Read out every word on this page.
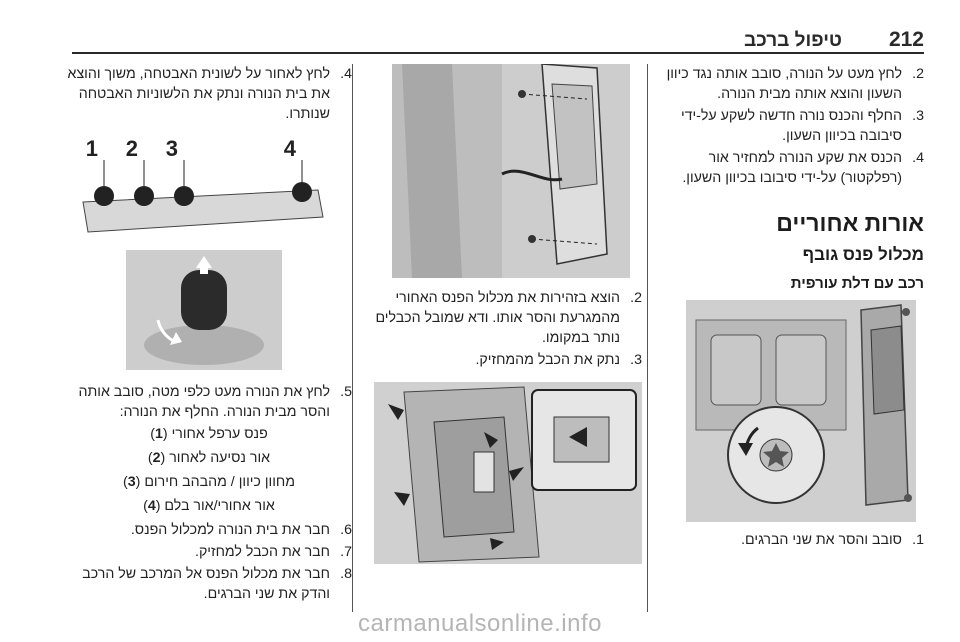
212
טיפול ברכב
.2
לחץ מעט על הנורה, סובב אותה נגד כיוון השעון והוצא אותה מבית הנורה.
.3
החלף והכנס נורה חדשה לשקע על-ידי סיבובה בכיוון השעון.
.4
הכנס את שקע הנורה למחזיר אור (רפלקטור) על-ידי סיבובו בכיוון השעון.
אורות אחוריים
מכלול פנס גובף
רכב עם דלת עורפית
.1
סובב והסר את שני הברגים.
.2
הוצא בזהירות את מכלול הפנס האחורי מהמגרעת והסר אותו. ודא שמובל הכבלים נותר במקומו.
.3
נתק את הכבל מהמחזיק.
.4
לחץ לאחור על לשונית האבטחה, משוך והוצא את בית הנורה ונתק את הלשוניות האבטחה שנותרו.
1 2 3	4
.5
לחץ את הנורה מעט כלפי מטה, סובב אותה והסר מבית הנורה. החלף את הנורה:
פנס ערפל אחורי (1)
אור נסיעה לאחור (2)
מחוון כיוון / מהבהב חירום (3)
אור אחורי/אור בלם (4)
.6
חבר את בית הנורה למכלול הפנס.
.7
חבר את הכבל למחזיק.
.8
חבר את מכלול הפנס אל המרכב של הרכב והדק את שני הברגים.
carmanualsonline.info
